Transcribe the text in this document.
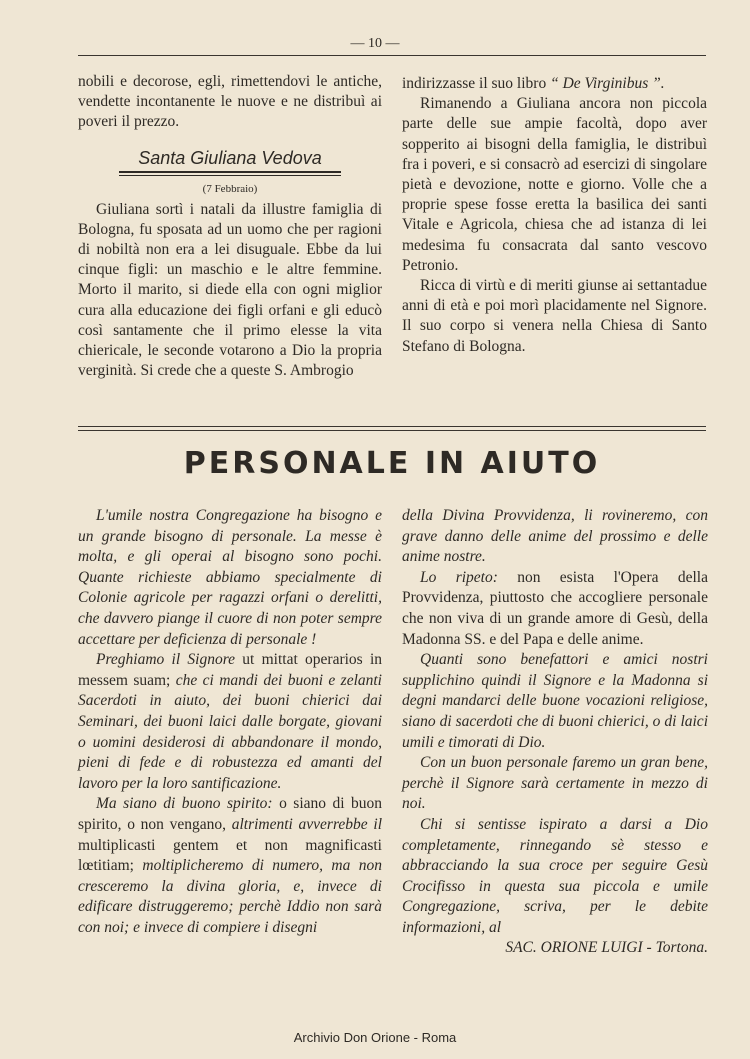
— 10 —

nobili e decorose, egli, rimettendovi le antiche, vendette incontanente le nuove e ne distribuì ai poveri il prezzo.

Santa Giuliana Vedova
(7 Febbraio)

Giuliana sortì i natali da illustre famiglia di Bologna, fu sposata ad un uomo che per ragioni di nobiltà non era a lei disuguale. Ebbe da lui cinque figli: un maschio e le altre femmine. Morto il marito, si diede ella con ogni miglior cura alla educazione dei figli orfani e gli educò così santamente che il primo elesse la vita chiericale, le seconde votarono a Dio la propria verginità. Si crede che a queste S. Ambrogio

indirizzasse il suo libro “ De Virginibus ”.

Rimanendo a Giuliana ancora non piccola parte delle sue ampie facoltà, dopo aver sopperito ai bisogni della famiglia, le distribuì fra i poveri, e si consacrò ad esercizi di singolare pietà e devozione, notte e giorno. Volle che a proprie spese fosse eretta la basilica dei santi Vitale e Agricola, chiesa che ad istanza di lei medesima fu consacrata dal santo vescovo Petronio.

Ricca di virtù e di meriti giunse ai settantadue anni di età e poi morì placidamente nel Signore. Il suo corpo si venera nella Chiesa di Santo Stefano di Bologna.

PERSONALE IN AIUTO

L'umile nostra Congregazione ha bisogno e un grande bisogno di personale. La messe è molta, e gli operai al bisogno sono pochi. Quante richieste abbiamo specialmente di Colonie agricole per ragazzi orfani o derelitti, che davvero piange il cuore di non poter sempre accettare per deficienza di personale !

Preghiamo il Signore ut mittat operarios in messem suam; che ci mandi dei buoni e zelanti Sacerdoti in aiuto, dei buoni chierici dai Seminari, dei buoni laici dalle borgate, giovani o uomini desiderosi di abbandonare il mondo, pieni di fede e di robustezza ed amanti del lavoro per la loro santificazione.

Ma siano di buono spirito: o siano di buon spirito, o non vengano, altrimenti avverrebbe il multiplicasti gentem et non magnificasti lœtitiam; moltiplicheremo di numero, ma non cresceremo la divina gloria, e, invece di edificare distruggeremo; perchè Iddio non sarà con noi; e invece di compiere i disegni

della Divina Provvidenza, li rovineremo, con grave danno delle anime del prossimo e delle anime nostre.

Lo ripeto: non esista l'Opera della Provvidenza, piuttosto che accogliere personale che non viva di un grande amore di Gesù, della Madonna SS. e del Papa e delle anime.

Quanti sono benefattori e amici nostri supplichino quindi il Signore e la Madonna si degni mandarci delle buone vocazioni religiose, siano di sacerdoti che di buoni chierici, o di laici umili e timorati di Dio.

Con un buon personale faremo un gran bene, perchè il Signore sarà certamente in mezzo di noi.

Chi si sentisse ispirato a darsi a Dio completamente, rinnegando sè stesso e abbracciando la sua croce per seguire Gesù Crocifisso in questa sua piccola e umile Congregazione, scriva, per le debite informazioni, al

SAC. ORIONE LUIGI - Tortona.

Archivio Don Orione - Roma
